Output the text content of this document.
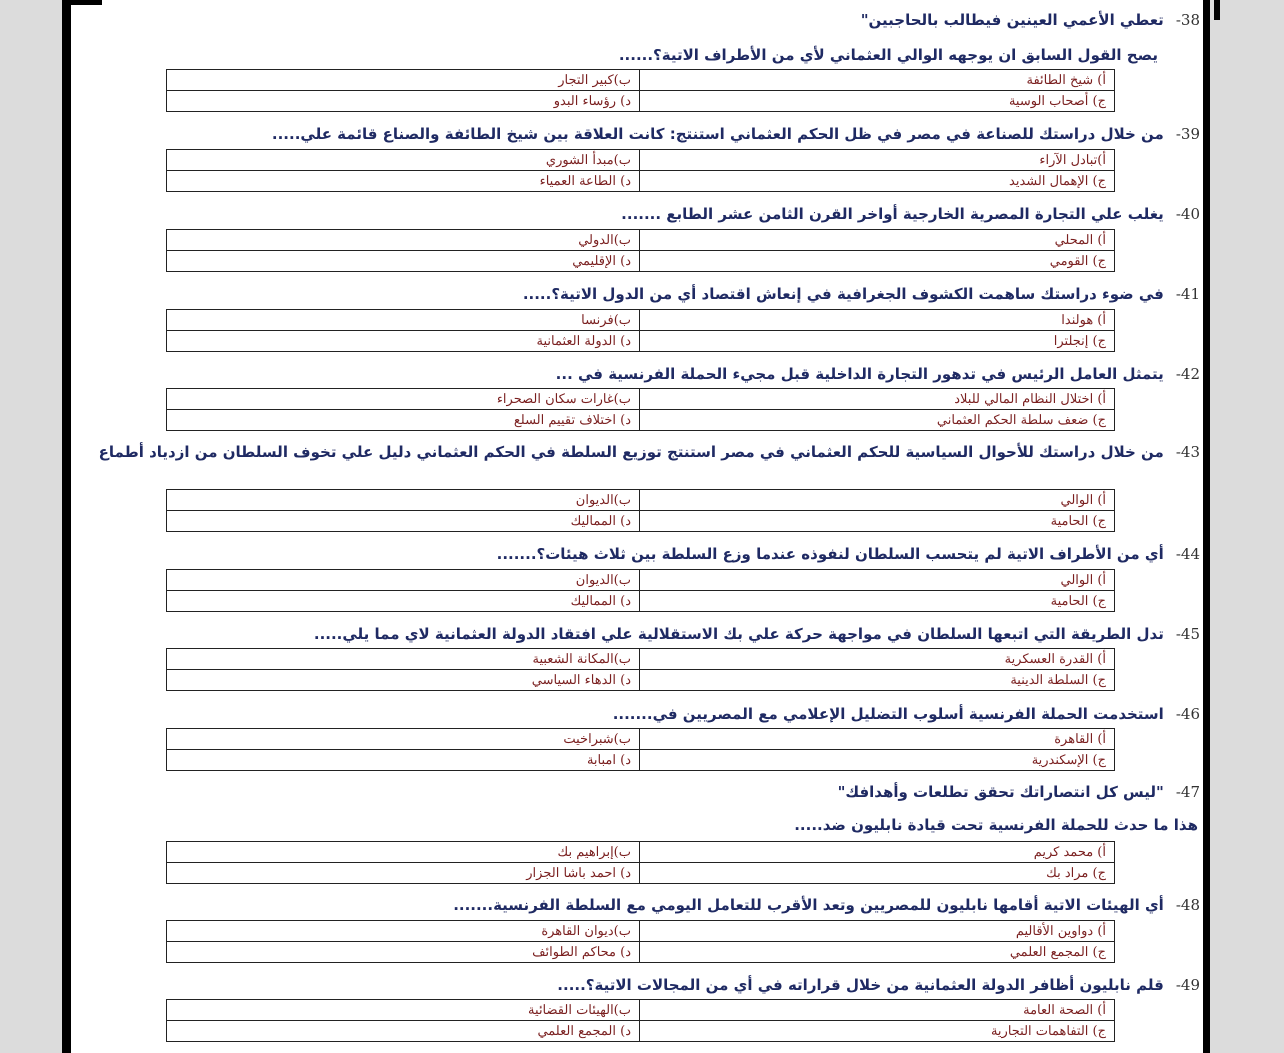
38-تعطي الأعمي العينين فيطالب بالحاجبين"
يصح القول السابق ان يوجهه الوالي العثماني لأي من الأطراف الاتية؟......
أ) شيخ الطائفة	ب)كبير التجار
ج) أصحاب الوسية	د) رؤساء البدو
39-من خلال دراستك للصناعة في مصر في ظل الحكم العثماني استنتج: كانت العلاقة بين شيخ الطائفة والصناع قائمة علي.....
أ)تبادل الآراء	ب)مبدأ الشوري
ج) الإهمال الشديد	د) الطاعة العمياء
40-يغلب علي التجارة المصرية الخارجية أواخر القرن الثامن عشر الطابع .......
أ) المحلي	ب)الدولي
ج) القومي	د) الإقليمي
41-في ضوء دراستك ساهمت الكشوف الجغرافية في إنعاش اقتصاد أي من الدول الاتية؟.....
أ) هولندا	ب)فرنسا
ج) إنجلترا	د) الدولة العثمانية
42-يتمثل العامل الرئيس في تدهور التجارة الداخلية قبل مجيء الحملة الفرنسية في ...
أ) اختلال النظام المالي للبلاد	ب)غارات سكان الصحراء
ج) ضعف سلطة الحكم العثماني	د) اختلاف تقييم السلع
43-من خلال دراستك للأحوال السياسية للحكم العثماني في مصر استنتج توزيع السلطة في الحكم العثماني دليل علي تخوف السلطان من ازدياد أطماع
أ) الوالي	ب)الديوان
ج) الحامية	د) المماليك
44-أي من الأطراف الاتية لم يتحسب السلطان لنفوذه عندما وزع السلطة بين ثلاث هيئات؟.......
أ) الوالي	ب)الديوان
ج) الحامية	د) المماليك
45-تدل الطريقة التي اتبعها السلطان في مواجهة حركة علي بك الاستقلالية علي افتقاد الدولة العثمانية لاي مما يلي.....
أ) القدرة العسكرية	ب)المكانة الشعبية
ج) السلطة الدينية	د) الدهاء السياسي
46-استخدمت الحملة الفرنسية أسلوب التضليل الإعلامي مع المصريين في.......
أ) القاهرة	ب)شبراخيت
ج) الإسكندرية	د) امبابة
47-"ليس كل انتصاراتك تحقق تطلعات وأهدافك"
هذا ما حدث للحملة الفرنسية تحت قيادة نابليون ضد.....
أ) محمد كريم	ب)إبراهيم بك
ج) مراد بك	د) احمد باشا الجزار
48-أي الهيئات الاتية أقامها نابليون للمصريين وتعد الأقرب للتعامل اليومي مع السلطة الفرنسية.......
أ) دواوين الأقاليم	ب)ديوان القاهرة
ج) المجمع العلمي	د) محاكم الطوائف
49-قلم نابليون أظافر الدولة العثمانية من خلال قراراته في أي من المجالات الاتية؟.....
أ) الصحة العامة	ب)الهيئات القضائية
ج) التفاهمات التجارية	د) المجمع العلمي
